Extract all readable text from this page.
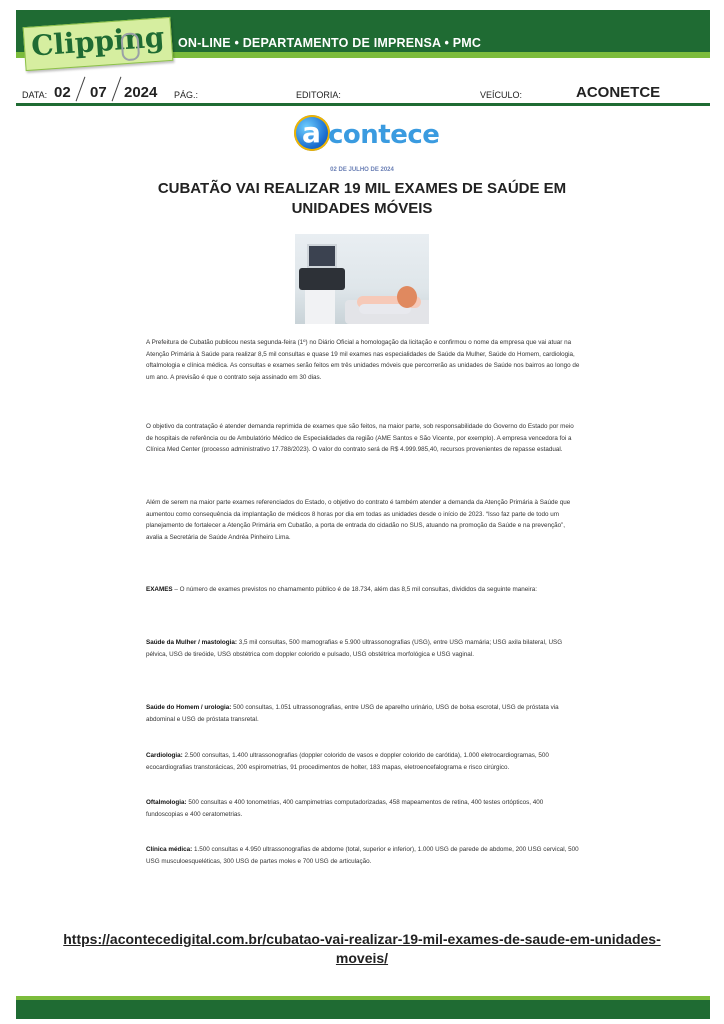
Clipping	ON-LINE • DEPARTAMENTO DE IMPRENSA • PMC
DATA: 02 07 2024 PÁG.:	EDITORIA:	VEÍCULO:	ACONETCE
a contece
02 DE JULHO DE 2024
CUBATÃO VAI REALIZAR 19 MIL EXAMES DE SAÚDE EM UNIDADES MÓVEIS
A Prefeitura de Cubatão publicou nesta segunda-feira (1º) no Diário Oficial a homologação da licitação e confirmou o nome da empresa que vai atuar na Atenção Primária à Saúde para realizar 8,5 mil consultas e quase 19 mil exames nas especialidades de Saúde da Mulher, Saúde do Homem, cardiologia, oftalmologia e clínica médica. As consultas e exames serão feitos em três unidades móveis que percorrerão as unidades de Saúde nos bairros ao longo de um ano. A previsão é que o contrato seja assinado em 30 dias.
O objetivo da contratação é atender demanda reprimida de exames que são feitos, na maior parte, sob responsabilidade do Governo do Estado por meio de hospitais de referência ou de Ambulatório Médico de Especialidades da região (AME Santos e São Vicente, por exemplo). A empresa vencedora foi a Clínica Med Center (processo administrativo 17.788/2023). O valor do contrato será de R$ 4.999.985,40, recursos provenientes de repasse estadual.
Além de serem na maior parte exames referenciados do Estado, o objetivo do contrato é também atender a demanda da Atenção Primária à Saúde que aumentou como consequência da implantação de médicos 8 horas por dia em todas as unidades desde o início de 2023. “Isso faz parte de todo um planejamento de fortalecer a Atenção Primária em Cubatão, a porta de entrada do cidadão no SUS, atuando na promoção da Saúde e na prevenção”, avalia a Secretária de Saúde Andréa Pinheiro Lima.
EXAMES – O número de exames previstos no chamamento público é de 18.734, além das 8,5 mil consultas, divididos da seguinte maneira:
Saúde da Mulher / mastologia: 3,5 mil consultas, 500 mamografias e 5.900 ultrassonografias (USG), entre USG mamária; USG axila bilateral, USG pélvica, USG de tireóide, USG obstétrica com doppler colorido e pulsado, USG obstétrica morfológica e USG vaginal.
Saúde do Homem / urologia: 500 consultas, 1.051 ultrassonografias, entre USG de aparelho urinário, USG de bolsa escrotal, USG de próstata via abdominal e USG de próstata transretal.
Cardiologia: 2.500 consultas, 1.400 ultrassonografias (doppler colorido de vasos e doppler colorido de carótida), 1.000 eletrocardiogramas, 500 ecocardiografias transtorácicas, 200 espirometrias, 91 procedimentos de holter, 183 mapas, eletroencefalograma e risco cirúrgico.
Oftalmologia: 500 consultas e 400 tonometrias, 400 campimetrias computadorizadas, 458 mapeamentos de retina, 400 testes ortópticos, 400 fundoscopias e 400 ceratometrias.
Clínica médica: 1.500 consultas e 4.950 ultrassonografias de abdome (total, superior e inferior), 1.000 USG de parede de abdome, 200 USG cervical, 500 USG musculoesqueléticas, 300 USG de partes moles e 700 USG de articulação.
https://acontecedigital.com.br/cubatao-vai-realizar-19-mil-exames-de-saude-em-unidades-moveis/
